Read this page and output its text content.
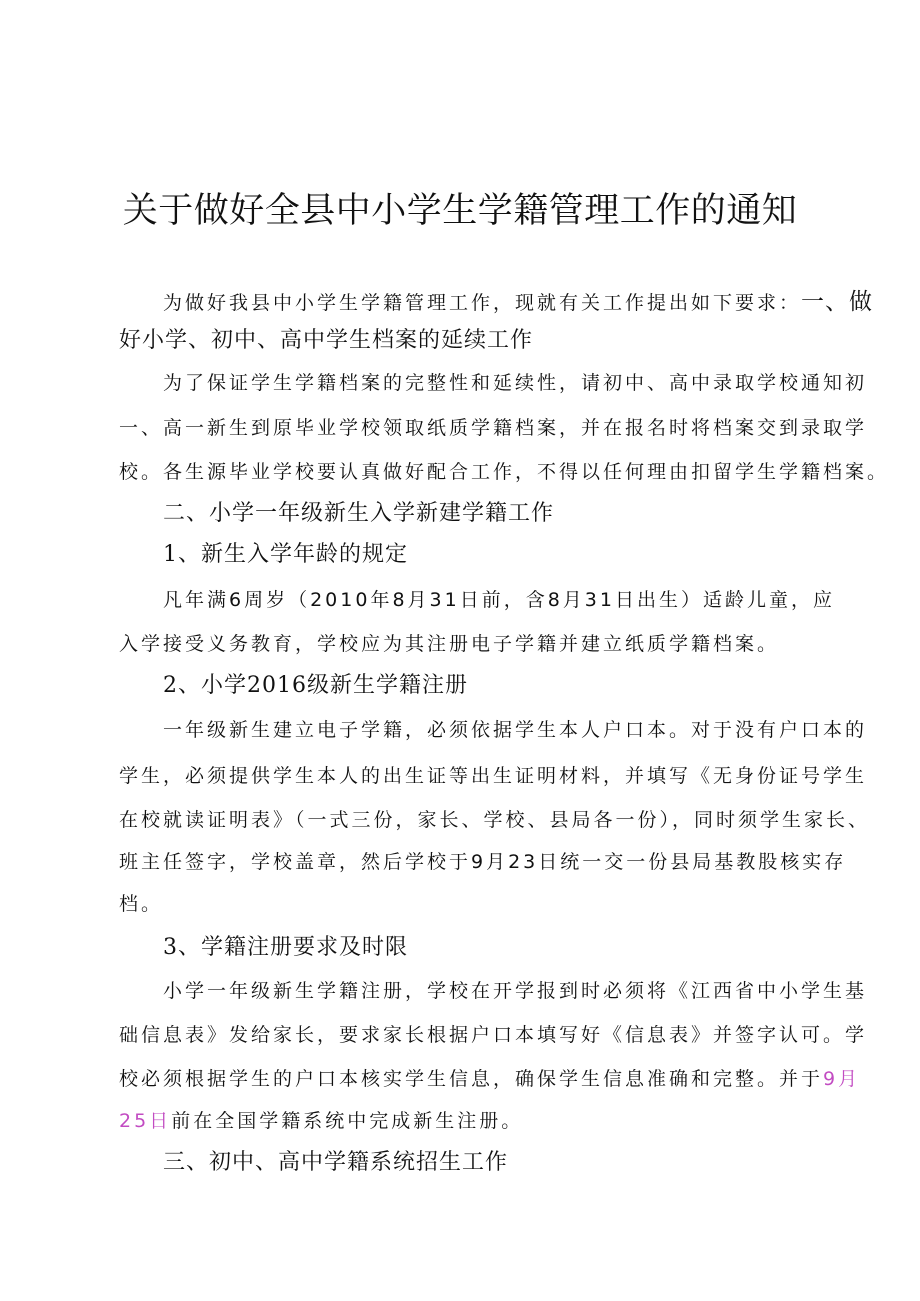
关于做好全县中小学生学籍管理工作的通知
为做好我县中小学生学籍管理工作，现就有关工作提出如下要求：一、做
好小学、初中、高中学生档案的延续工作
为了保证学生学籍档案的完整性和延续性，请初中、高中录取学校通知初
一、高一新生到原毕业学校领取纸质学籍档案，并在报名时将档案交到录取学
校。各生源毕业学校要认真做好配合工作，不得以任何理由扣留学生学籍档案。
二、小学一年级新生入学新建学籍工作
1、新生入学年龄的规定
凡年满6周岁（2010年8月31日前，含8月31日出生）适龄儿童，应
入学接受义务教育，学校应为其注册电子学籍并建立纸质学籍档案。
2、小学2016级新生学籍注册
一年级新生建立电子学籍，必须依据学生本人户口本。对于没有户口本的
学生，必须提供学生本人的出生证等出生证明材料，并填写《无身份证号学生
在校就读证明表》（一式三份，家长、学校、县局各一份），同时须学生家长、
班主任签字，学校盖章，然后学校于9月23日统一交一份县局基教股核实存
档。
3、学籍注册要求及时限
小学一年级新生学籍注册，学校在开学报到时必须将《江西省中小学生基
础信息表》发给家长，要求家长根据户口本填写好《信息表》并签字认可。学
校必须根据学生的户口本核实学生信息，确保学生信息准确和完整。并于9月
25日前在全国学籍系统中完成新生注册。
三、初中、高中学籍系统招生工作
